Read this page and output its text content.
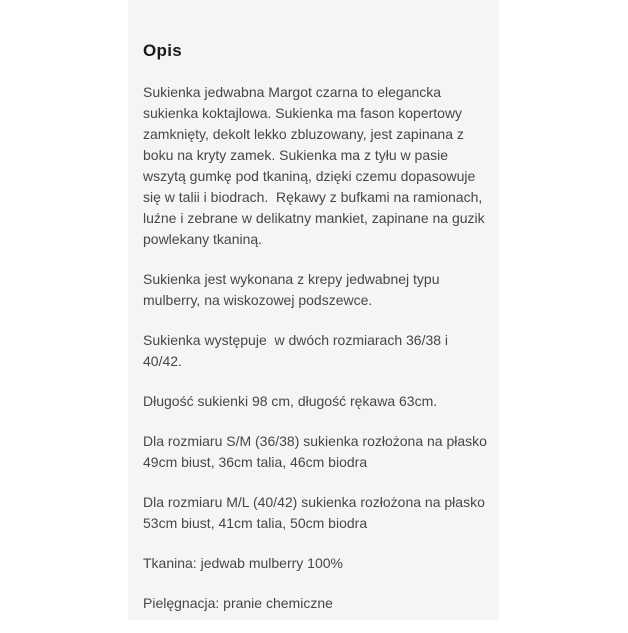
Opis

Sukienka jedwabna Margot czarna to elegancka
sukienka koktajlowa. Sukienka ma fason kopertowy
zamknięty, dekolt lekko zbluzowany, jest zapinana z
boku na kryty zamek. Sukienka ma z tyłu w pasie
wszytą gumkę pod tkaniną, dzięki czemu dopasowuje
się w talii i biodrach.  Rękawy z bufkami na ramionach,
luźne i zebrane w delikatny mankiet, zapinane na guzik
powlekany tkaniną.

Sukienka jest wykonana z krepy jedwabnej typu
mulberry, na wiskozowej podszewce.

Sukienka występuje  w dwóch rozmiarach 36/38 i
40/42.

Długość sukienki 98 cm, długość rękawa 63cm.

Dla rozmiaru S/M (36/38) sukienka rozłożona na płasko
49cm biust, 36cm talia, 46cm biodra

Dla rozmiaru M/L (40/42) sukienka rozłożona na płasko
53cm biust, 41cm talia, 50cm biodra

Tkanina: jedwab mulberry 100%

Pielęgnacja: pranie chemiczne
